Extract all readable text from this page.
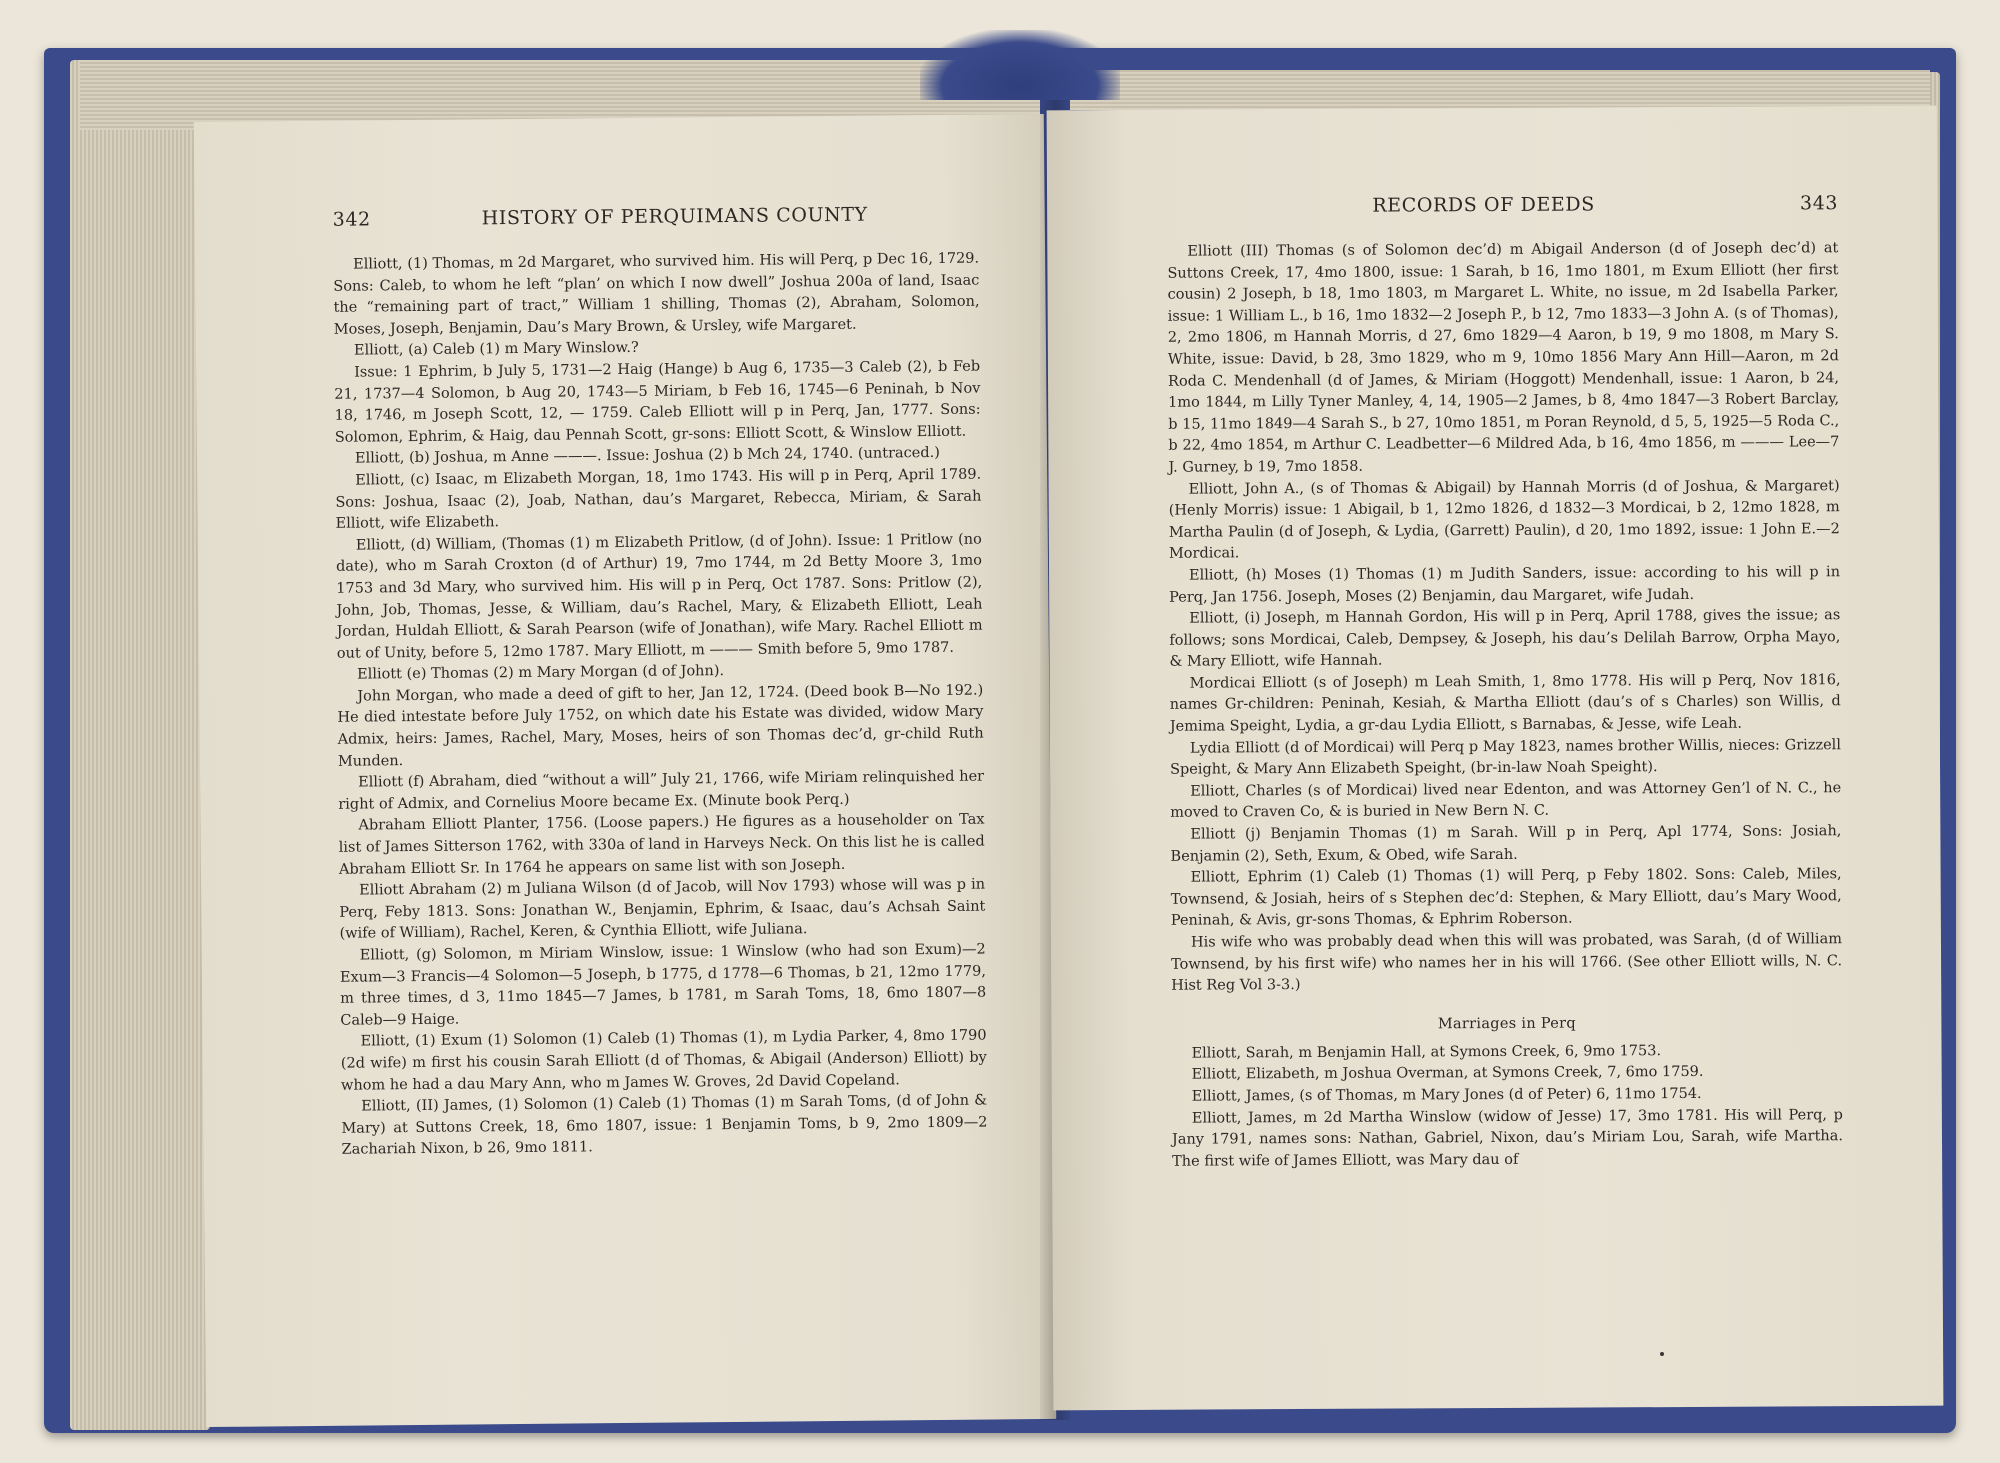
342	HISTORY OF PERQUIMANS COUNTY

Elliott, (1) Thomas, m 2d Margaret, who survived him. His will Perq, p Dec 16, 1729. Sons: Caleb, to whom he left “plan’ on which I now dwell” Joshua 200a of land, Isaac the “remaining part of tract,” William 1 shilling, Thomas (2), Abraham, Solomon, Moses, Joseph, Benjamin, Dau’s Mary Brown, & Ursley, wife Margaret.

Elliott, (a) Caleb (1) m Mary Winslow.?

Issue: 1 Ephrim, b July 5, 1731—2 Haig (Hange) b Aug 6, 1735—3 Caleb (2), b Feb 21, 1737—4 Solomon, b Aug 20, 1743—5 Miriam, b Feb 16, 1745—6 Peninah, b Nov 18, 1746, m Joseph Scott, 12, — 1759. Caleb Elliott will p in Perq, Jan, 1777. Sons: Solomon, Ephrim, & Haig, dau Pennah Scott, gr-sons: Elliott Scott, & Winslow Elliott.

Elliott, (b) Joshua, m Anne ———. Issue: Joshua (2) b Mch 24, 1740. (untraced.)

Elliott, (c) Isaac, m Elizabeth Morgan, 18, 1mo 1743. His will p in Perq, April 1789. Sons: Joshua, Isaac (2), Joab, Nathan, dau’s Margaret, Rebecca, Miriam, & Sarah Elliott, wife Elizabeth.

Elliott, (d) William, (Thomas (1) m Elizabeth Pritlow, (d of John). Issue: 1 Pritlow (no date), who m Sarah Croxton (d of Arthur) 19, 7mo 1744, m 2d Betty Moore 3, 1mo 1753 and 3d Mary, who survived him. His will p in Perq, Oct 1787. Sons: Pritlow (2), John, Job, Thomas, Jesse, & William, dau’s Rachel, Mary, & Elizabeth Elliott, Leah Jordan, Huldah Elliott, & Sarah Pearson (wife of Jonathan), wife Mary. Rachel Elliott m out of Unity, before 5, 12mo 1787. Mary Elliott, m ——— Smith before 5, 9mo 1787.

Elliott (e) Thomas (2) m Mary Morgan (d of John).

John Morgan, who made a deed of gift to her, Jan 12, 1724. (Deed book B—No 192.) He died intestate before July 1752, on which date his Estate was divided, widow Mary Admix, heirs: James, Rachel, Mary, Moses, heirs of son Thomas dec’d, gr-child Ruth Munden.

Elliott (f) Abraham, died “without a will” July 21, 1766, wife Miriam relinquished her right of Admix, and Cornelius Moore became Ex. (Minute book Perq.)

Abraham Elliott Planter, 1756. (Loose papers.) He figures as a householder on Tax list of James Sitterson 1762, with 330a of land in Harveys Neck. On this list he is called Abraham Elliott Sr. In 1764 he appears on same list with son Joseph.

Elliott Abraham (2) m Juliana Wilson (d of Jacob, will Nov 1793) whose will was p in Perq, Feby 1813. Sons: Jonathan W., Benjamin, Ephrim, & Isaac, dau’s Achsah Saint (wife of William), Rachel, Keren, & Cynthia Elliott, wife Juliana.

Elliott, (g) Solomon, m Miriam Winslow, issue: 1 Winslow (who had son Exum)—2 Exum—3 Francis—4 Solomon—5 Joseph, b 1775, d 1778—6 Thomas, b 21, 12mo 1779, m three times, d 3, 11mo 1845—7 James, b 1781, m Sarah Toms, 18, 6mo 1807—8 Caleb—9 Haige.

Elliott, (1) Exum (1) Solomon (1) Caleb (1) Thomas (1), m Lydia Parker, 4, 8mo 1790 (2d wife) m first his cousin Sarah Elliott (d of Thomas, & Abigail (Anderson) Elliott) by whom he had a dau Mary Ann, who m James W. Groves, 2d David Copeland.

Elliott, (II) James, (1) Solomon (1) Caleb (1) Thomas (1) m Sarah Toms, (d of John & Mary) at Suttons Creek, 18, 6mo 1807, issue: 1 Benjamin Toms, b 9, 2mo 1809—2 Zachariah Nixon, b 26, 9mo 1811.

RECORDS OF DEEDS	343

Elliott (III) Thomas (s of Solomon dec’d) m Abigail Anderson (d of Joseph dec’d) at Suttons Creek, 17, 4mo 1800, issue: 1 Sarah, b 16, 1mo 1801, m Exum Elliott (her first cousin) 2 Joseph, b 18, 1mo 1803, m Margaret L. White, no issue, m 2d Isabella Parker, issue: 1 William L., b 16, 1mo 1832—2 Joseph P., b 12, 7mo 1833—3 John A. (s of Thomas), 2, 2mo 1806, m Hannah Morris, d 27, 6mo 1829—4 Aaron, b 19, 9 mo 1808, m Mary S. White, issue: David, b 28, 3mo 1829, who m 9, 10mo 1856 Mary Ann Hill—Aaron, m 2d Roda C. Mendenhall (d of James, & Miriam (Hoggott) Mendenhall, issue: 1 Aaron, b 24, 1mo 1844, m Lilly Tyner Manley, 4, 14, 1905—2 James, b 8, 4mo 1847—3 Robert Barclay, b 15, 11mo 1849—4 Sarah S., b 27, 10mo 1851, m Poran Reynold, d 5, 5, 1925—5 Roda C., b 22, 4mo 1854, m Arthur C. Leadbetter—6 Mildred Ada, b 16, 4mo 1856, m ——— Lee—7 J. Gurney, b 19, 7mo 1858.

Elliott, John A., (s of Thomas & Abigail) by Hannah Morris (d of Joshua, & Margaret) (Henly Morris) issue: 1 Abigail, b 1, 12mo 1826, d 1832—3 Mordicai, b 2, 12mo 1828, m Martha Paulin (d of Joseph, & Lydia, (Garrett) Paulin), d 20, 1mo 1892, issue: 1 John E.—2 Mordicai.

Elliott, (h) Moses (1) Thomas (1) m Judith Sanders, issue: according to his will p in Perq, Jan 1756. Joseph, Moses (2) Benjamin, dau Margaret, wife Judah.

Elliott, (i) Joseph, m Hannah Gordon, His will p in Perq, April 1788, gives the issue; as follows; sons Mordicai, Caleb, Dempsey, & Joseph, his dau’s Delilah Barrow, Orpha Mayo, & Mary Elliott, wife Hannah.

Mordicai Elliott (s of Joseph) m Leah Smith, 1, 8mo 1778. His will p Perq, Nov 1816, names Gr-children: Peninah, Kesiah, & Martha Elliott (dau’s of s Charles) son Willis, d Jemima Speight, Lydia, a gr-dau Lydia Elliott, s Barnabas, & Jesse, wife Leah.

Lydia Elliott (d of Mordicai) will Perq p May 1823, names brother Willis, nieces: Grizzell Speight, & Mary Ann Elizabeth Speight, (br-in-law Noah Speight).

Elliott, Charles (s of Mordicai) lived near Edenton, and was Attorney Gen’l of N. C., he moved to Craven Co, & is buried in New Bern N. C.

Elliott (j) Benjamin Thomas (1) m Sarah. Will p in Perq, Apl 1774, Sons: Josiah, Benjamin (2), Seth, Exum, & Obed, wife Sarah.

Elliott, Ephrim (1) Caleb (1) Thomas (1) will Perq, p Feby 1802. Sons: Caleb, Miles, Townsend, & Josiah, heirs of s Stephen dec’d: Stephen, & Mary Elliott, dau’s Mary Wood, Peninah, & Avis, gr-sons Thomas, & Ephrim Roberson.

His wife who was probably dead when this will was probated, was Sarah, (d of William Townsend, by his first wife) who names her in his will 1766. (See other Elliott wills, N. C. Hist Reg Vol 3-3.)

Marriages in Perq

Elliott, Sarah, m Benjamin Hall, at Symons Creek, 6, 9mo 1753.

Elliott, Elizabeth, m Joshua Overman, at Symons Creek, 7, 6mo 1759.

Elliott, James, (s of Thomas, m Mary Jones (d of Peter) 6, 11mo 1754.

Elliott, James, m 2d Martha Winslow (widow of Jesse) 17, 3mo 1781. His will Perq, p Jany 1791, names sons: Nathan, Gabriel, Nixon, dau’s Miriam Lou, Sarah, wife Martha. The first wife of James Elliott, was Mary dau of
